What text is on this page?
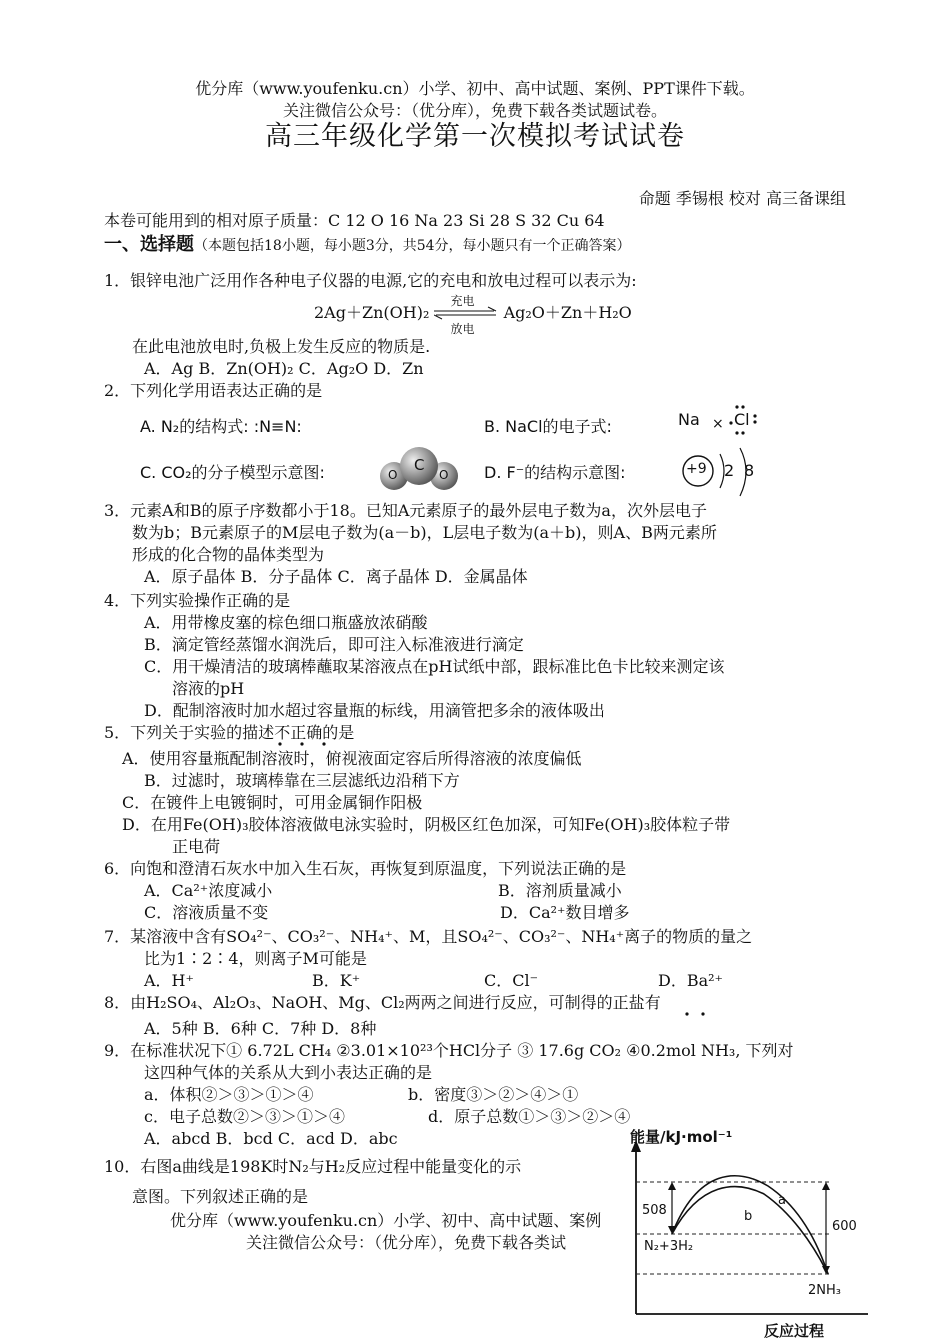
优分库（www.youfenku.cn）小学、初中、高中试题、案例、PPT课件下载。
关注微信公众号：（优分库），免费下载各类试题试卷。
高三年级化学第一次模拟考试试卷
命题 季锡根 校对 高三备课组
本卷可能用到的相对原子质量：C 12 O 16 Na 23 Si 28 S 32 Cu 64
一、选择题（本题包括18小题，每小题3分，共54分，每小题只有一个正确答案）
1．银锌电池广泛用作各种电子仪器的电源,它的充电和放电过程可以表示为:
2Ag＋Zn(OH)₂
充电
放电
Ag₂O＋Zn＋H₂O
在此电池放电时,负极上发生反应的物质是.
A．Ag B．Zn(OH)₂ C．Ag₂O D．Zn
2．下列化学用语表达正确的是
A. N₂的结构式: :N≡N:	B. NaCl的电子式:	Na × Cl
C. CO₂的分子模型示意图:	C
O	O D. F⁻的结构示意图:	+9 2 8
3．元素A和B的原子序数都小于18。已知A元素原子的最外层电子数为a，次外层电子
数为b；B元素原子的M层电子数为(a－b)，L层电子数为(a＋b)，则A、B两元素所
形成的化合物的晶体类型为
A．原子晶体 B．分子晶体 C．离子晶体 D．金属晶体
4．下列实验操作正确的是
A．用带橡皮塞的棕色细口瓶盛放浓硝酸
B．滴定管经蒸馏水润洗后，即可注入标准液进行滴定
C．用干燥清洁的玻璃棒蘸取某溶液点在pH试纸中部，跟标准比色卡比较来测定该
溶液的pH
D．配制溶液时加水超过容量瓶的标线，用滴管把多余的液体吸出
5．下列关于实验的描述不正确的是
A．使用容量瓶配制溶液时，俯视液面定容后所得溶液的浓度偏低
B．过滤时，玻璃棒靠在三层滤纸边沿稍下方
C．在镀件上电镀铜时，可用金属铜作阳极
D．在用Fe(OH)₃胶体溶液做电泳实验时，阴极区红色加深，可知Fe(OH)₃胶体粒子带
正电荷
6．向饱和澄清石灰水中加入生石灰，再恢复到原温度，下列说法正确的是
A．Ca²⁺浓度减小	B．溶剂质量减小
C．溶液质量不变	D．Ca²⁺数目增多
7．某溶液中含有SO₄²⁻、CO₃²⁻、NH₄⁺、M，且SO₄²⁻、CO₃²⁻、NH₄⁺离子的物质的量之
比为1∶2∶4，则离子M可能是
A．H⁺	B．K⁺	C．Cl⁻	D．Ba²⁺
8．由H₂SO₄、Al₂O₃、NaOH、Mg、Cl₂两两之间进行反应，可制得的正盐有
A．5种 B．6种 C．7种 D．8种
9．在标准状况下① 6.72L CH₄ ②3.01×10²³个HCl分子 ③ 17.6g CO₂ ④0.2mol NH₃, 下列对
这四种气体的关系从大到小表达正确的是
a．体积②＞③＞①＞④	b．密度③＞②＞④＞①
c．电子总数②＞③＞①＞④	d．原子总数①＞③＞②＞④
A．abcd B．bcd C．acd D．abc
10．右图a曲线是198K时N₂与H₂反应过程中能量变化的示
意图。下列叙述正确的是
优分库（www.youfenku.cn）小学、初中、高中试题、案例
关注微信公众号：（优分库），免费下载各类试
能量/kJ·mol⁻¹
508
600
N₂+3H₂
2NH₃
a
b
反应过程
